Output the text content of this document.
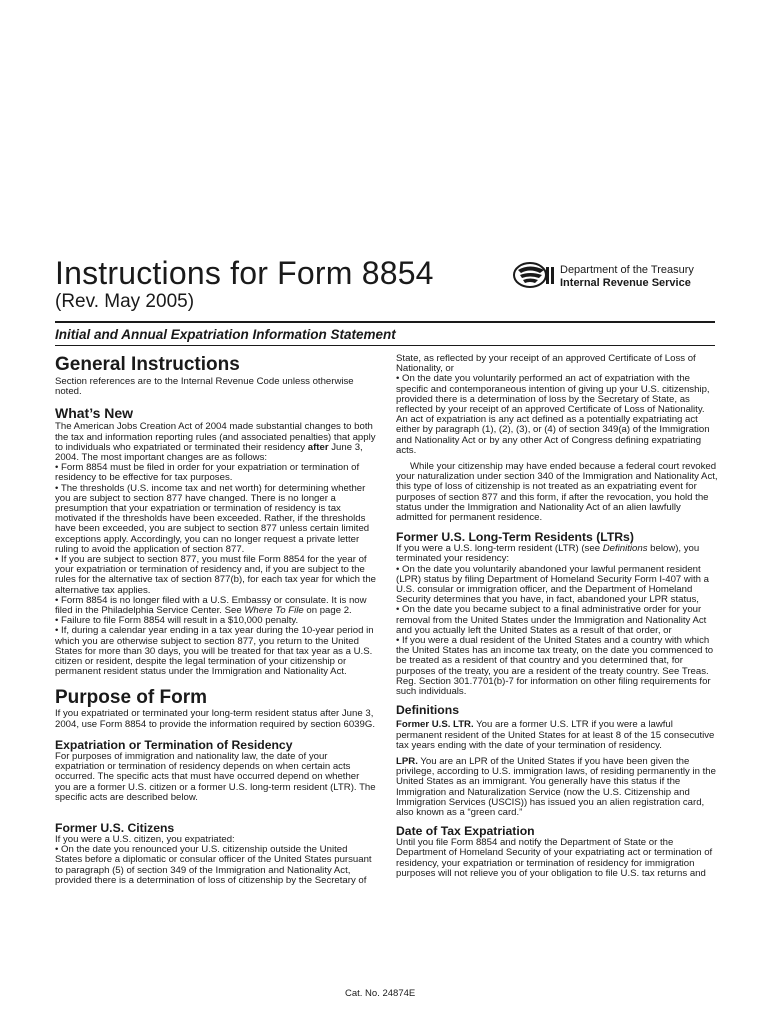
Instructions for Form 8854
(Rev. May 2005)
Department of the Treasury
Internal Revenue Service
Initial and Annual Expatriation Information Statement
General Instructions

Section references are to the Internal Revenue Code unless otherwise noted.

What’s New

The American Jobs Creation Act of 2004 made substantial changes to both the tax and information reporting rules (and associated penalties) that apply to individuals who expatriated or terminated their residency after June 3, 2004. The most important changes are as follows:

• Form 8854 must be filed in order for your expatriation or termination of residency to be effective for tax purposes.

• The thresholds (U.S. income tax and net worth) for determining whether you are subject to section 877 have changed. There is no longer a presumption that your expatriation or termination of residency is tax motivated if the thresholds have been exceeded. Rather, if the thresholds have been exceeded, you are subject to section 877 unless certain limited exceptions apply. Accordingly, you can no longer request a private letter ruling to avoid the application of section 877.

• If you are subject to section 877, you must file Form 8854 for the year of your expatriation or termination of residency and, if you are subject to the rules for the alternative tax of section 877(b), for each tax year for which the alternative tax applies.

• Form 8854 is no longer filed with a U.S. Embassy or consulate. It is now filed in the Philadelphia Service Center. See Where To File on page 2.

• Failure to file Form 8854 will result in a $10,000 penalty.

• If, during a calendar year ending in a tax year during the 10-year period in which you are otherwise subject to section 877, you return to the United States for more than 30 days, you will be treated for that tax year as a U.S. citizen or resident, despite the legal termination of your citizenship or permanent resident status under the Immigration and Nationality Act.

Purpose of Form

If you expatriated or terminated your long-term resident status after June 3, 2004, use Form 8854 to provide the information required by section 6039G.

Expatriation or Termination of Residency

For purposes of immigration and nationality law, the date of your expatriation or termination of residency depends on when certain acts occurred. The specific acts that must have occurred depend on whether you are a former U.S. citizen or a former U.S. long-term resident (LTR). The specific acts are described below.

Former U.S. Citizens

If you were a U.S. citizen, you expatriated:

• On the date you renounced your U.S. citizenship outside the United States before a diplomatic or consular officer of the United States pursuant to paragraph (5) of section 349 of the Immigration and Nationality Act, provided there is a determination of loss of citizenship by the Secretary of

State, as reflected by your receipt of an approved Certificate of Loss of Nationality, or

• On the date you voluntarily performed an act of expatriation with the specific and contemporaneous intention of giving up your U.S. citizenship, provided there is a determination of loss by the Secretary of State, as reflected by your receipt of an approved Certificate of Loss of Nationality. An act of expatriation is any act defined as a potentially expatriating act either by paragraph (1), (2), (3), or (4) of section 349(a) of the Immigration and Nationality Act or by any other Act of Congress defining expatriating acts.

While your citizenship may have ended because a federal court revoked your naturalization under section 340 of the Immigration and Nationality Act, this type of loss of citizenship is not treated as an expatriating event for purposes of section 877 and this form, if after the revocation, you hold the status under the Immigration and Nationality Act of an alien lawfully admitted for permanent residence.

Former U.S. Long-Term Residents (LTRs)

If you were a U.S. long-term resident (LTR) (see Definitions below), you terminated your residency:

• On the date you voluntarily abandoned your lawful permanent resident (LPR) status by filing Department of Homeland Security Form I-407 with a U.S. consular or immigration officer, and the Department of Homeland Security determines that you have, in fact, abandoned your LPR status,

• On the date you became subject to a final administrative order for your removal from the United States under the Immigration and Nationality Act and you actually left the United States as a result of that order, or

• If you were a dual resident of the United States and a country with which the United States has an income tax treaty, on the date you commenced to be treated as a resident of that country and you determined that, for purposes of the treaty, you are a resident of the treaty country. See Treas. Reg. Section 301.7701(b)-7 for information on other filing requirements for such individuals.

Definitions

Former U.S. LTR. You are a former U.S. LTR if you were a lawful permanent resident of the United States for at least 8 of the 15 consecutive tax years ending with the date of your termination of residency.

LPR. You are an LPR of the United States if you have been given the privilege, according to U.S. immigration laws, of residing permanently in the United States as an immigrant. You generally have this status if the Immigration and Naturalization Service (now the U.S. Citizenship and Immigration Services (USCIS)) has issued you an alien registration card, also known as a “green card.”

Date of Tax Expatriation

Until you file Form 8854 and notify the Department of State or the Department of Homeland Security of your expatriating act or termination of residency, your expatriation or termination of residency for immigration purposes will not relieve you of your obligation to file U.S. tax returns and

Cat. No. 24874E
